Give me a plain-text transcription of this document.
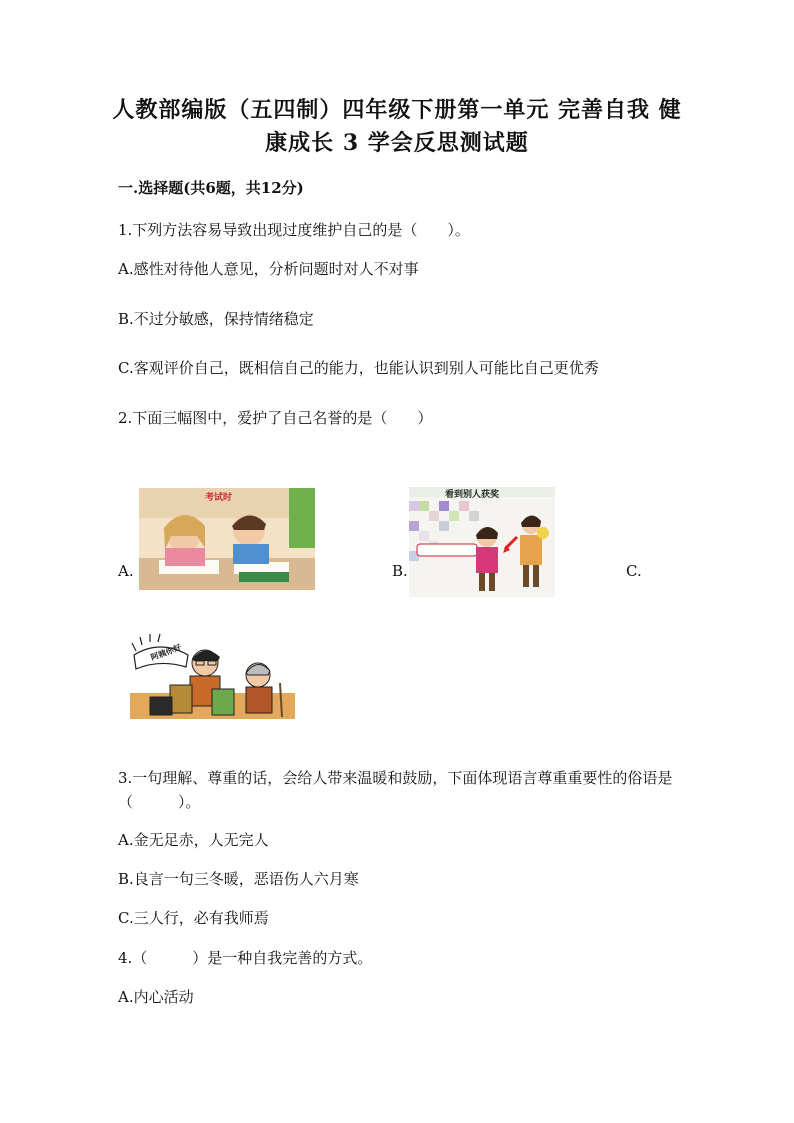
人教部编版（五四制）四年级下册第一单元 完善自我 健康成长 3 学会反思测试题
一.选择题(共6题，共12分)
1.下列方法容易导致出现过度维护自己的是（　　）。
A.感性对待他人意见，分析问题时对人不对事
B.不过分敏感，保持情绪稳定
C.客观评价自己，既相信自己的能力，也能认识到别人可能比自己更优秀
2.下面三幅图中，爱护了自己名誉的是（　　）
A.
考试时
B.
看到别人获奖
C.
阿姨你好
3.一句理解、尊重的话，会给人带来温暖和鼓励，下面体现语言尊重重要性的俗语是（　　　）。
A.金无足赤，人无完人
B.良言一句三冬暖，恶语伤人六月寒
C.三人行，必有我师焉
4.（　　　）是一种自我完善的方式。
A.内心活动
